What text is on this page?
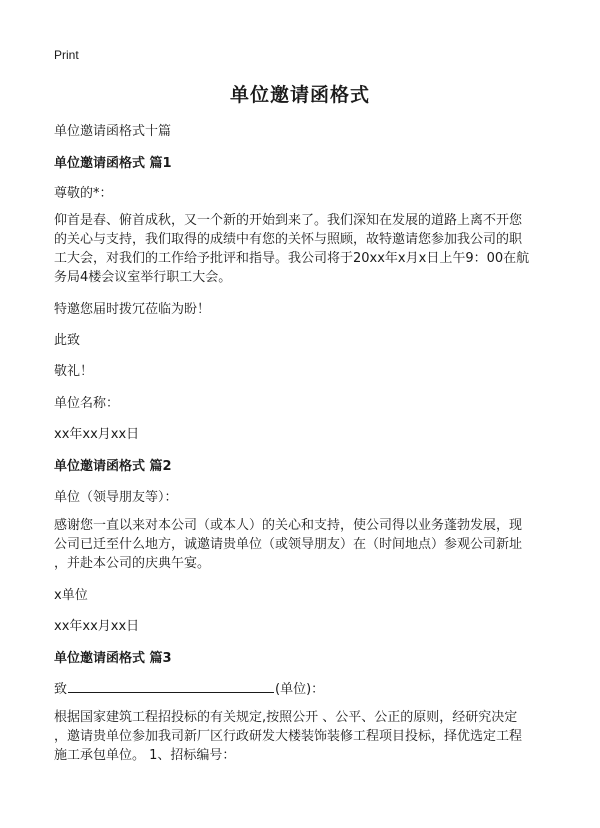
Print
单位邀请函格式
单位邀请函格式十篇
单位邀请函格式 篇1
尊敬的*：
仰首是春、俯首成秋，又一个新的开始到来了。我们深知在发展的道路上离不开您
的关心与支持，我们取得的成绩中有您的关怀与照顾，故特邀请您参加我公司的职
工大会，对我们的工作给予批评和指导。我公司将于20xx年x月x日上午9：00在航
务局4楼会议室举行职工大会。
特邀您届时拨冗莅临为盼！
此致
敬礼！
单位名称：
xx年xx月xx日
单位邀请函格式 篇2
单位（领导朋友等）：
感谢您一直以来对本公司（或本人）的关心和支持，使公司得以业务蓬勃发展，现
公司已迁至什么地方，诚邀请贵单位（或领导朋友）在（时间地点）参观公司新址
，并赴本公司的庆典午宴。
x单位
xx年xx月xx日
单位邀请函格式 篇3
致	(单位)：
根据国家建筑工程招投标的有关规定,按照公开 、公平、公正的原则，经研究决定
，邀请贵单位参加我司新厂区行政研发大楼装饰装修工程项目投标，择优选定工程
施工承包单位。 1、招标编号：
